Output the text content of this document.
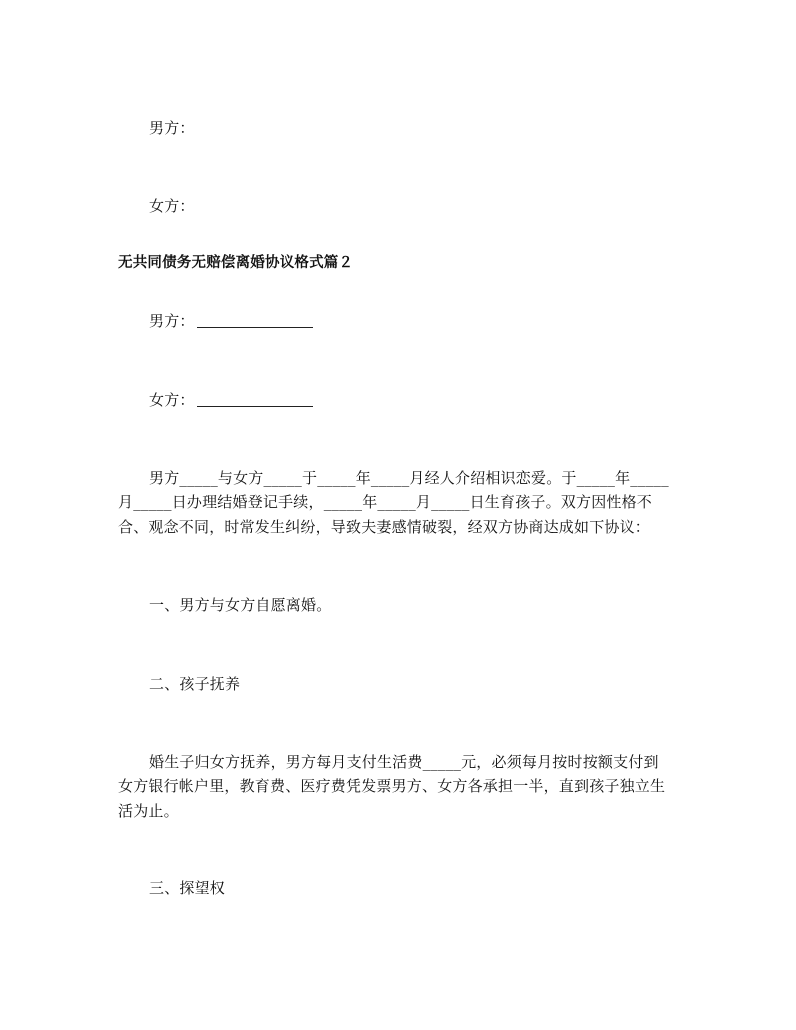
男方：
女方：
无共同债务无赔偿离婚协议格式篇２
男方：
女方：
男方_____与女方_____于_____年_____月经人介绍相识恋爱。于_____年_____
月_____日办理结婚登记手续，_____年_____月_____日生育孩子。双方因性格不
合、观念不同，时常发生纠纷，导致夫妻感情破裂，经双方协商达成如下协议：
一、男方与女方自愿离婚。
二、孩子抚养
婚生子归女方抚养，男方每月支付生活费_____元，必须每月按时按额支付到
女方银行帐户里，教育费、医疗费凭发票男方、女方各承担一半，直到孩子独立生
活为止。
三、探望权
